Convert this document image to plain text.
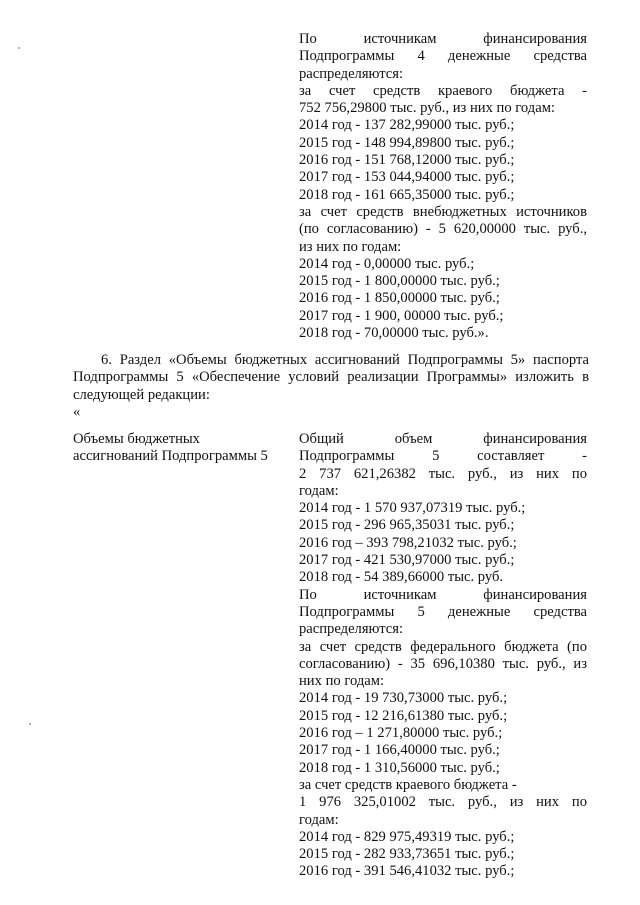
По источникам финансирования
Подпрограммы 4 денежные средства
распределяются:
за счет средств краевого бюджета -
752 756,29800 тыс. руб., из них по годам:
2014 год - 137 282,99000 тыс. руб.;
2015 год - 148 994,89800 тыс. руб.;
2016 год - 151 768,12000 тыс. руб.;
2017 год - 153 044,94000 тыс. руб.;
2018 год - 161 665,35000 тыс. руб.;
за счет средств внебюджетных источников
(по согласованию) - 5 620,00000 тыс. руб.,
из них по годам:
2014 год - 0,00000 тыс. руб.;
2015 год - 1 800,00000 тыс. руб.;
2016 год - 1 850,00000 тыс. руб.;
2017 год - 1 900, 00000 тыс. руб.;
2018 год - 70,00000 тыс. руб.».
6. Раздел «Объемы бюджетных ассигнований Подпрограммы 5» паспорта
Подпрограммы 5 «Обеспечение условий реализации Программы» изложить в
следующей редакции:
«
Объемы бюджетных
ассигнований Подпрограммы 5
Общий объем финансирования
Подпрограммы 5 составляет -
2 737 621,26382 тыс. руб., из них по
годам:
2014 год - 1 570 937,07319 тыс. руб.;
2015 год - 296 965,35031 тыс. руб.;
2016 год – 393 798,21032 тыс. руб.;
2017 год - 421 530,97000 тыс. руб.;
2018 год - 54 389,66000 тыс. руб.
По источникам финансирования
Подпрограммы 5 денежные средства
распределяются:
за счет средств федерального бюджета (по
согласованию) - 35 696,10380 тыс. руб., из
них по годам:
2014 год - 19 730,73000 тыс. руб.;
2015 год - 12 216,61380 тыс. руб.;
2016 год – 1 271,80000 тыс. руб.;
2017 год - 1 166,40000 тыс. руб.;
2018 год - 1 310,56000 тыс. руб.;
за счет средств краевого бюджета -
1 976 325,01002 тыс. руб., из них по
годам:
2014 год - 829 975,49319 тыс. руб.;
2015 год - 282 933,73651 тыс. руб.;
2016 год - 391 546,41032 тыс. руб.;
